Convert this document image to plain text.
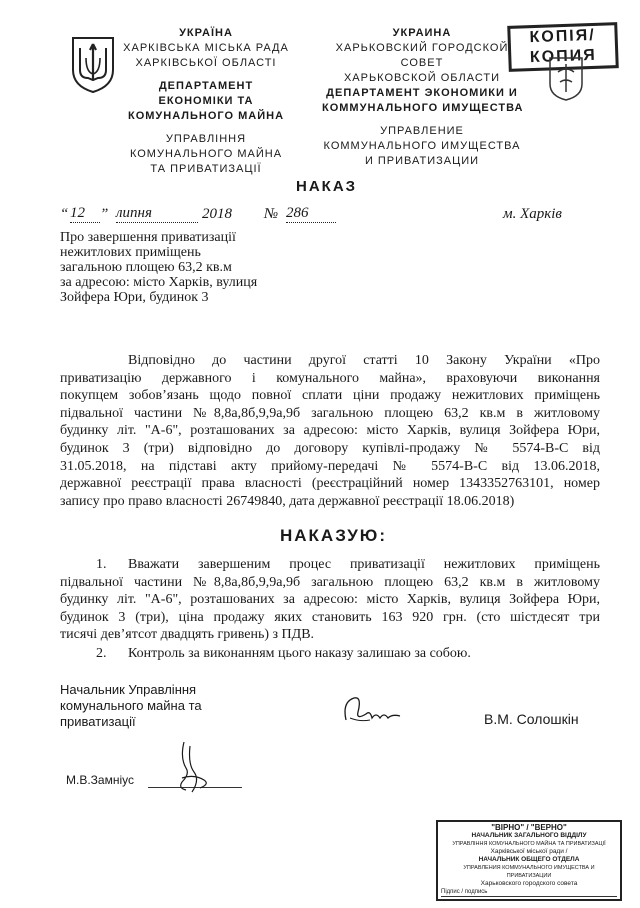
УКРАЇНА
ХАРКІВСЬКА МІСЬКА РАДА
ХАРКІВСЬКОЇ ОБЛАСТІ
ДЕПАРТАМЕНТ
ЕКОНОМІКИ ТА
КОМУНАЛЬНОГО МАЙНА
УПРАВЛІННЯ
КОМУНАЛЬНОГО МАЙНА
ТА ПРИВАТИЗАЦІЇ
УКРАИНА
ХАРЬКОВСКИЙ ГОРОДСКОЙ
СОВЕТ
ХАРЬКОВСКОЙ ОБЛАСТИ
ДЕПАРТАМЕНТ ЭКОНОМИКИ И
КОММУНАЛЬНОГО ИМУЩЕСТВА
УПРАВЛЕНИЕ
КОММУНАЛЬНОГО ИМУЩЕСТВА
И ПРИВАТИЗАЦИИ
КОПІЯ/
КОПИЯ
НАКАЗ
“ 12	” липня	2018 № 286	м. Харків
Про завершення приватизації
нежитлових приміщень
загальною площею 63,2 кв.м
за адресою: місто Харків, вулиця
Зойфера Юри, будинок 3
Відповідно до частини другої статті 10 Закону України «Про
приватизацію державного і комунального майна», враховуючи виконання
покупцем зобов’язань щодо повної сплати ціни продажу нежитлових приміщень
підвальної частини №8,8а,8б,9,9а,9б загальною площею 63,2 кв.м в житловому
будинку літ. "А-6", розташованих за адресою: місто Харків, вулиця Зойфера Юри,
будинок 3 (три) відповідно до договору купівлі-продажу № 5574-В-С від
31.05.2018, на підставі акту прийому-передачі № 5574-В-С від 13.06.2018,
державної реєстрації права власності (реєстраційний номер 1343352763101, номер
запису про право власності 26749840, дата державної реєстрації 18.06.2018)
НАКАЗУЮ:
1.	Вважати завершеним процес приватизації нежитлових приміщень
підвальної частини №8,8а,8б,9,9а,9б загальною площею 63,2 кв.м в житловому
будинку літ. "А-6", розташованих за адресою: місто Харків, вулиця Зойфера Юри,
будинок 3 (три), ціна продажу яких становить 163 920 грн. (сто шістдесят три
тисячі дев’ятсот двадцять гривень) з ПДВ.
2. Контроль за виконанням цього наказу залишаю за собою.
Начальник Управління
комунального майна та
приватизації	В.М. Солошкін
М.В.Замніус
"ВІРНО" / "ВЕРНО"
НАЧАЛЬНИК ЗАГАЛЬНОГО ВІДДІЛУ
УПРАВЛІННЯ КОМУНАЛЬНОГО МАЙНА ТА ПРИВАТИЗАЦІЇ
Харківської міської ради /
НАЧАЛЬНИК ОБЩЕГО ОТДЕЛА
УПРАВЛЕНИЯ КОММУНАЛЬНОГО ИМУЩЕСТВА И ПРИВАТИЗАЦИИ
Харьковского городского совета
Підпис / подпись
